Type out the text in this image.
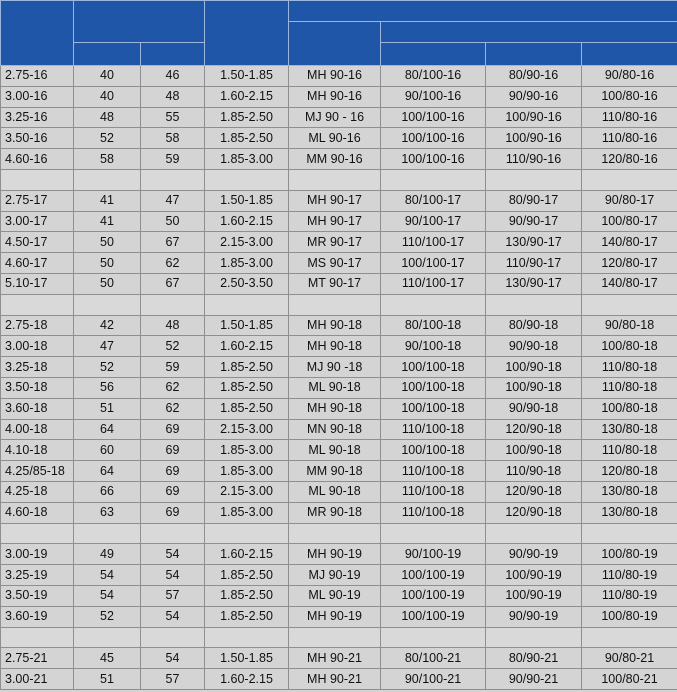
2.75-16	40	46	1.50-1.85	MH 90-16	80/100-16	80/90-16	90/80-16
3.00-16	40	48	1.60-2.15	MH 90-16	90/100-16	90/90-16	100/80-16
3.25-16	48	55	1.85-2.50	MJ 90 - 16	100/100-16	100/90-16	110/80-16
3.50-16	52	58	1.85-2.50	ML 90-16	100/100-16	100/90-16	110/80-16
4.60-16	58	59	1.85-3.00	MM 90-16	100/100-16	110/90-16	120/80-16

2.75-17	41	47	1.50-1.85	MH 90-17	80/100-17	80/90-17	90/80-17
3.00-17	41	50	1.60-2.15	MH 90-17	90/100-17	90/90-17	100/80-17
4.50-17	50	67	2.15-3.00	MR 90-17	110/100-17	130/90-17	140/80-17
4.60-17	50	62	1.85-3.00	MS 90-17	100/100-17	110/90-17	120/80-17
5.10-17	50	67	2.50-3.50	MT 90-17	110/100-17	130/90-17	140/80-17

2.75-18	42	48	1.50-1.85	MH 90-18	80/100-18	80/90-18	90/80-18
3.00-18	47	52	1.60-2.15	MH 90-18	90/100-18	90/90-18	100/80-18
3.25-18	52	59	1.85-2.50	MJ 90 -18	100/100-18	100/90-18	110/80-18
3.50-18	56	62	1.85-2.50	ML 90-18	100/100-18	100/90-18	110/80-18
3.60-18	51	62	1.85-2.50	MH 90-18	100/100-18	90/90-18	100/80-18
4.00-18	64	69	2.15-3.00	MN 90-18	110/100-18	120/90-18	130/80-18
4.10-18	60	69	1.85-3.00	ML 90-18	100/100-18	100/90-18	110/80-18
4.25/85-18	64	69	1.85-3.00	MM 90-18	110/100-18	110/90-18	120/80-18
4.25-18	66	69	2.15-3.00	ML 90-18	110/100-18	120/90-18	130/80-18
4.60-18	63	69	1.85-3.00	MR 90-18	110/100-18	120/90-18	130/80-18

3.00-19	49	54	1.60-2.15	MH 90-19	90/100-19	90/90-19	100/80-19
3.25-19	54	54	1.85-2.50	MJ 90-19	100/100-19	100/90-19	110/80-19
3.50-19	54	57	1.85-2.50	ML 90-19	100/100-19	100/90-19	110/80-19
3.60-19	52	54	1.85-2.50	MH 90-19	100/100-19	90/90-19	100/80-19

2.75-21	45	54	1.50-1.85	MH 90-21	80/100-21	80/90-21	90/80-21
3.00-21	51	57	1.60-2.15	MH 90-21	90/100-21	90/90-21	100/80-21
